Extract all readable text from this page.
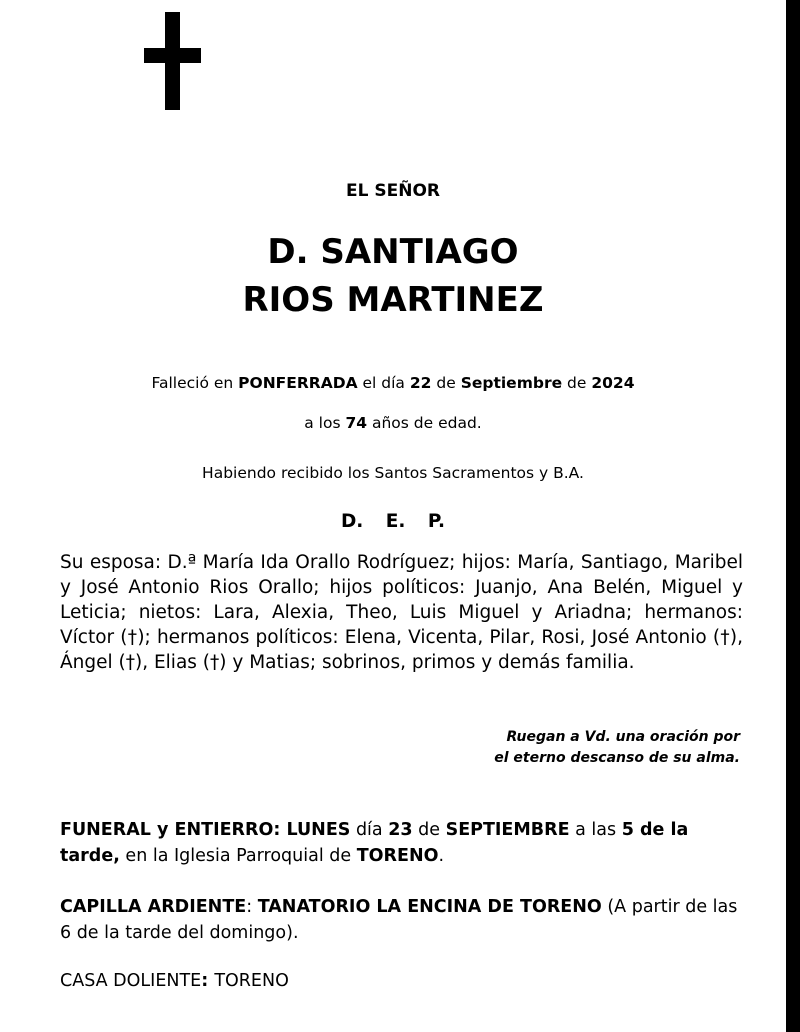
EL SEÑOR
D. SANTIAGO
RIOS MARTINEZ
Falleció en PONFERRADA el día 22 de Septiembre de 2024
a los 74 años de edad.
Habiendo recibido los Santos Sacramentos y B.A.
D. E. P.
Su esposa: D.ª María Ida Orallo Rodríguez; hijos: María, Santiago, Maribel y José Antonio Rios Orallo; hijos políticos: Juanjo, Ana Belén, Miguel y Leticia; nietos: Lara, Alexia, Theo, Luis Miguel y Ariadna; hermanos: Víctor (†); hermanos políticos: Elena, Vicenta, Pilar, Rosi, José Antonio (†), Ángel (†), Elias (†) y Matias; sobrinos, primos y demás familia.
Ruegan a Vd. una oración por
el eterno descanso de su alma.
FUNERAL y ENTIERRO: LUNES día 23 de SEPTIEMBRE a las 5 de la tarde, en la Iglesia Parroquial de TORENO.
CAPILLA ARDIENTE: TANATORIO LA ENCINA DE TORENO (A partir de las 6 de la tarde del domingo).
CASA DOLIENTE: TORENO
